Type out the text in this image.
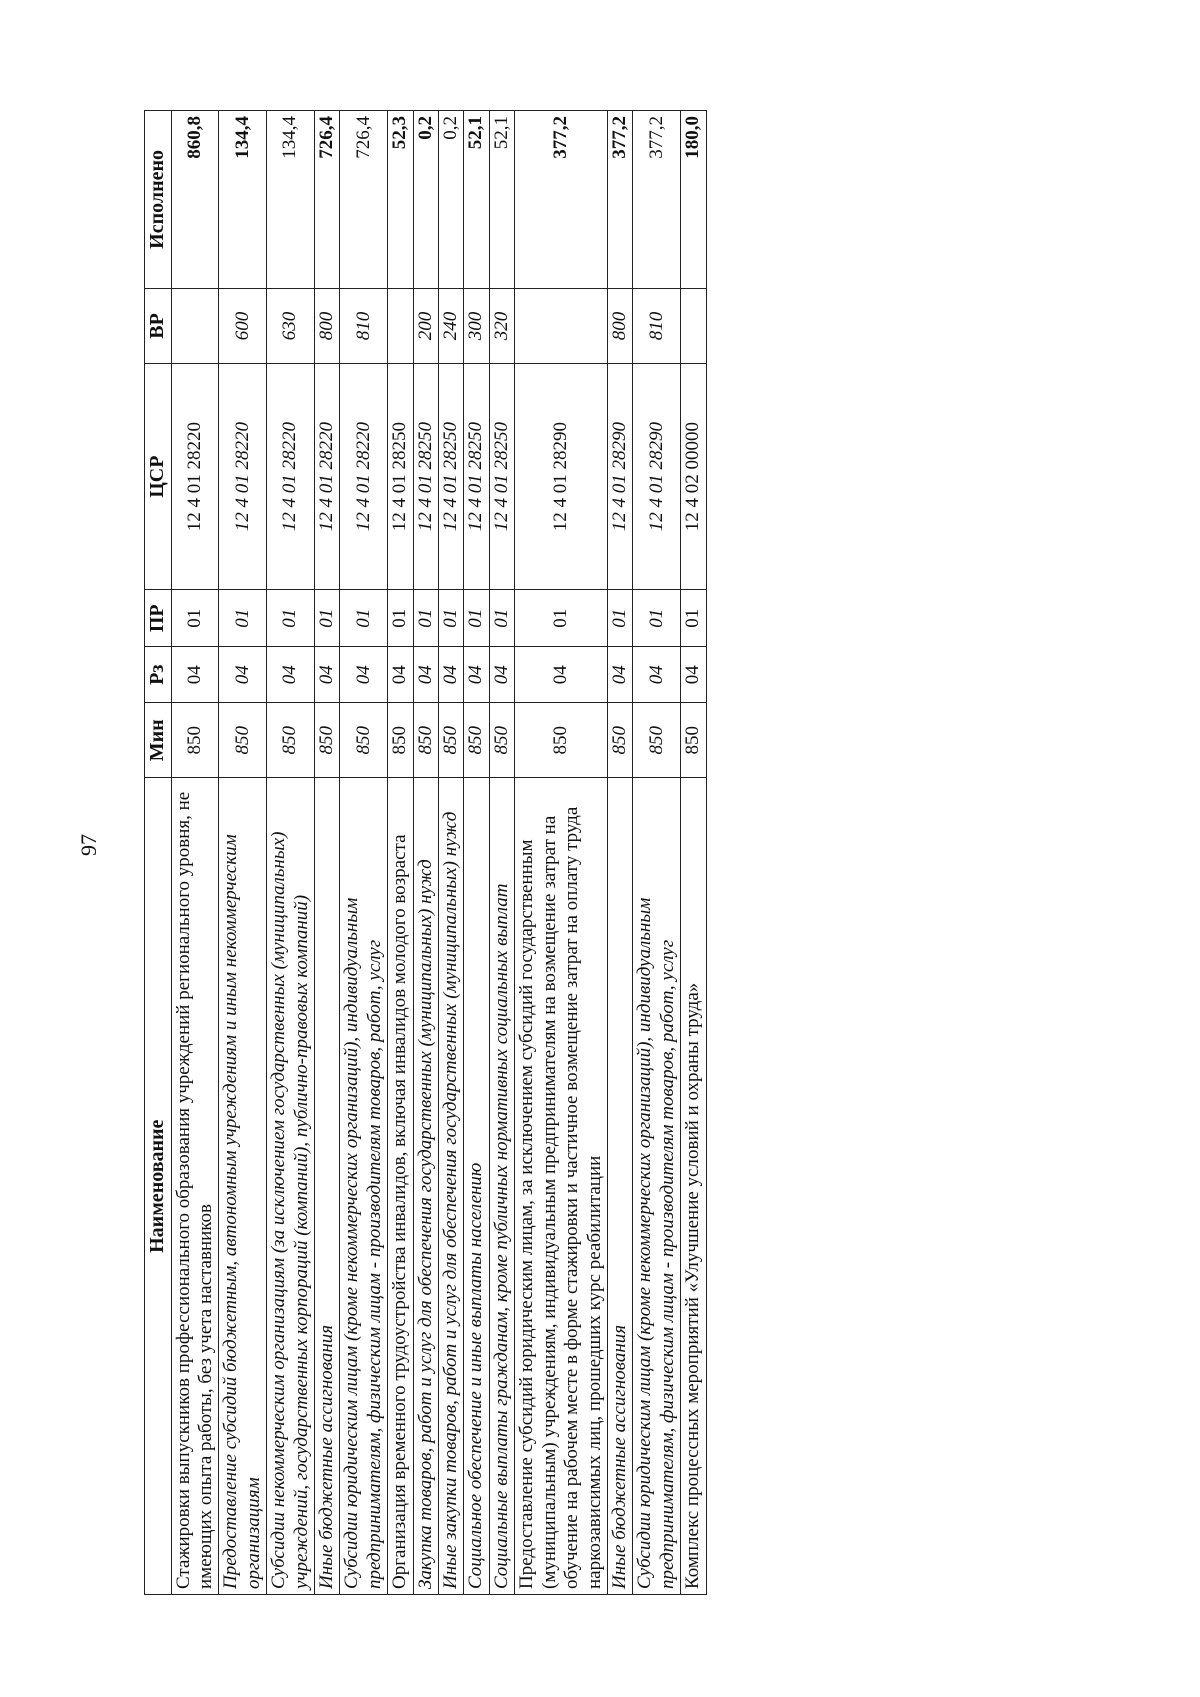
97
Наименование	Мин	Рз	ПР	ЦСР	ВР	Исполнено
Стажировки выпускников профессионального образования учреждений регионального уровня, не имеющих опыта работы, без учета наставников	850	04	01	12 4 01 28220		860,8
Предоставление субсидий бюджетным, автономным учреждениям и иным некоммерческим организациям	850	04	01	12 4 01 28220	600	134,4
Субсидии некоммерческим организациям (за исключением государственных (муниципальных) учреждений, государственных корпораций (компаний), публично-правовых компаний)	850	04	01	12 4 01 28220	630	134,4
Иные бюджетные ассигнования	850	04	01	12 4 01 28220	800	726,4
Субсидии юридическим лицам (кроме некоммерческих организаций), индивидуальным предпринимателям, физическим лицам - производителям товаров, работ, услуг	850	04	01	12 4 01 28220	810	726,4
Организация временного трудоустройства инвалидов, включая инвалидов молодого возраста	850	04	01	12 4 01 28250		52,3
Закупка товаров, работ и услуг для обеспечения государственных (муниципальных) нужд	850	04	01	12 4 01 28250	200	0,2
Иные закупки товаров, работ и услуг для обеспечения государственных (муниципальных) нужд	850	04	01	12 4 01 28250	240	0,2
Социальное обеспечение и иные выплаты населению	850	04	01	12 4 01 28250	300	52,1
Социальные выплаты гражданам, кроме публичных нормативных социальных выплат	850	04	01	12 4 01 28250	320	52,1
Предоставление субсидий юридическим лицам, за исключением субсидий государственным (муниципальным) учреждениям, индивидуальным предпринимателям на возмещение затрат на обучение на рабочем месте в форме стажировки и частичное возмещение затрат на оплату труда наркозависимых лиц, прошедших курс реабилитации	850	04	01	12 4 01 28290		377,2
Иные бюджетные ассигнования	850	04	01	12 4 01 28290	800	377,2
Субсидии юридическим лицам (кроме некоммерческих организаций), индивидуальным предпринимателям, физическим лицам - производителям товаров, работ, услуг	850	04	01	12 4 01 28290	810	377,2
Комплекс процессных мероприятий «Улучшение условий и охраны труда»	850	04	01	12 4 02 00000		180,0
